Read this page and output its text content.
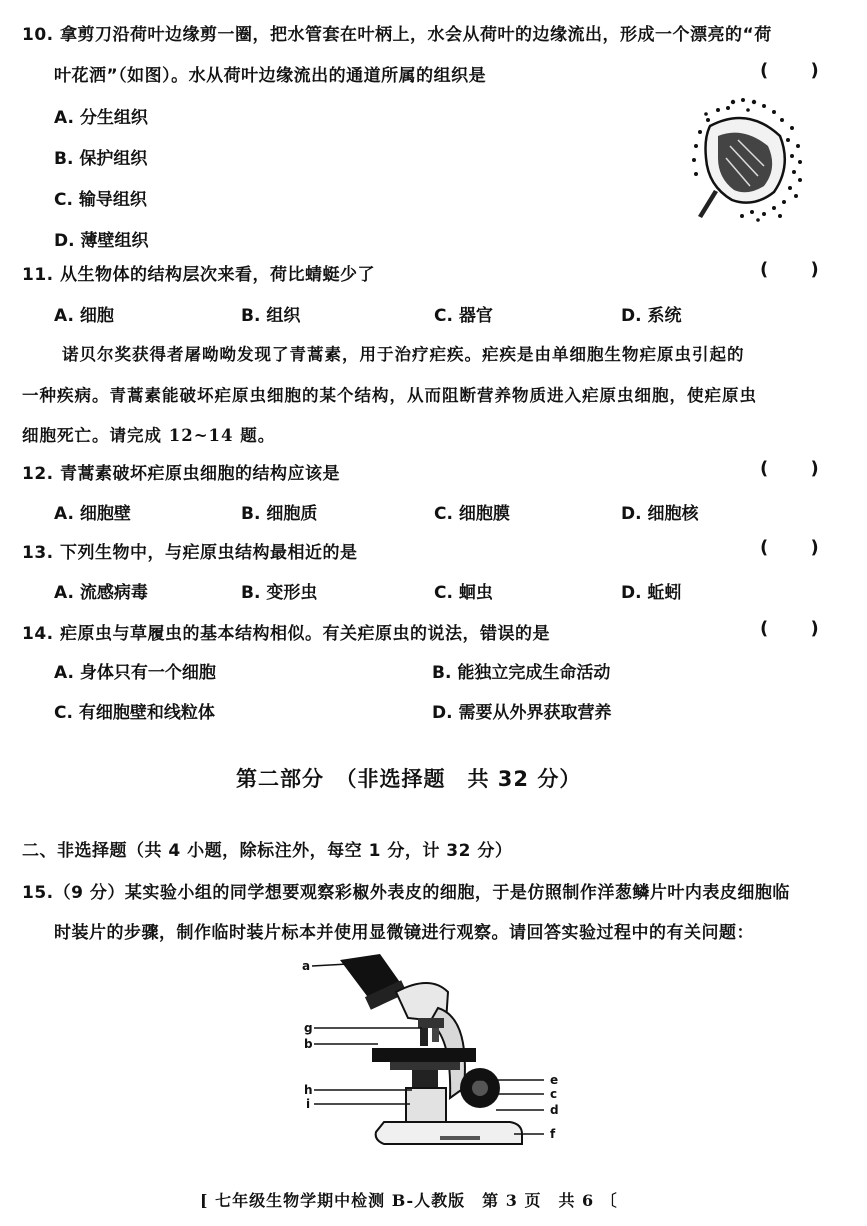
10. 拿剪刀沿荷叶边缘剪一圈，把水管套在叶柄上，水会从荷叶的边缘流出，形成一个漂亮的“荷
叶花洒”（如图）。水从荷叶边缘流出的通道所属的组织是	( )
A. 分生组织
B. 保护组织
C. 输导组织
D. 薄壁组织
11. 从生物体的结构层次来看，荷比蜻蜓少了	( )
A. 细胞	B. 组织	C. 器官	D. 系统
诺贝尔奖获得者屠呦呦发现了青蒿素，用于治疗疟疾。疟疾是由单细胞生物疟原虫引起的
一种疾病。青蒿素能破坏疟原虫细胞的某个结构，从而阻断营养物质进入疟原虫细胞，使疟原虫
细胞死亡。请完成 12~14 题。
12. 青蒿素破坏疟原虫细胞的结构应该是	( )
A. 细胞壁	B. 细胞质	C. 细胞膜	D. 细胞核
13. 下列生物中，与疟原虫结构最相近的是	( )
A. 流感病毒	B. 变形虫	C. 蛔虫	D. 蚯蚓
14. 疟原虫与草履虫的基本结构相似。有关疟原虫的说法，错误的是	( )
A. 身体只有一个细胞	B. 能独立完成生命活动
C. 有细胞壁和线粒体	D. 需要从外界获取营养
第二部分　（非选择题　共 32 分）
二、非选择题（共 4 小题，除标注外，每空 1 分，计 32 分）
15.（9 分）某实验小组的同学想要观察彩椒外表皮的细胞，于是仿照制作洋葱鳞片叶内表皮细胞临
时装片的步骤，制作临时装片标本并使用显微镜进行观察。请回答实验过程中的有关问题：
a
g
b
h
i
e
c
d
f
[ 七年级生物学期中检测 B-人教版　第 3 页　共 6 〔
